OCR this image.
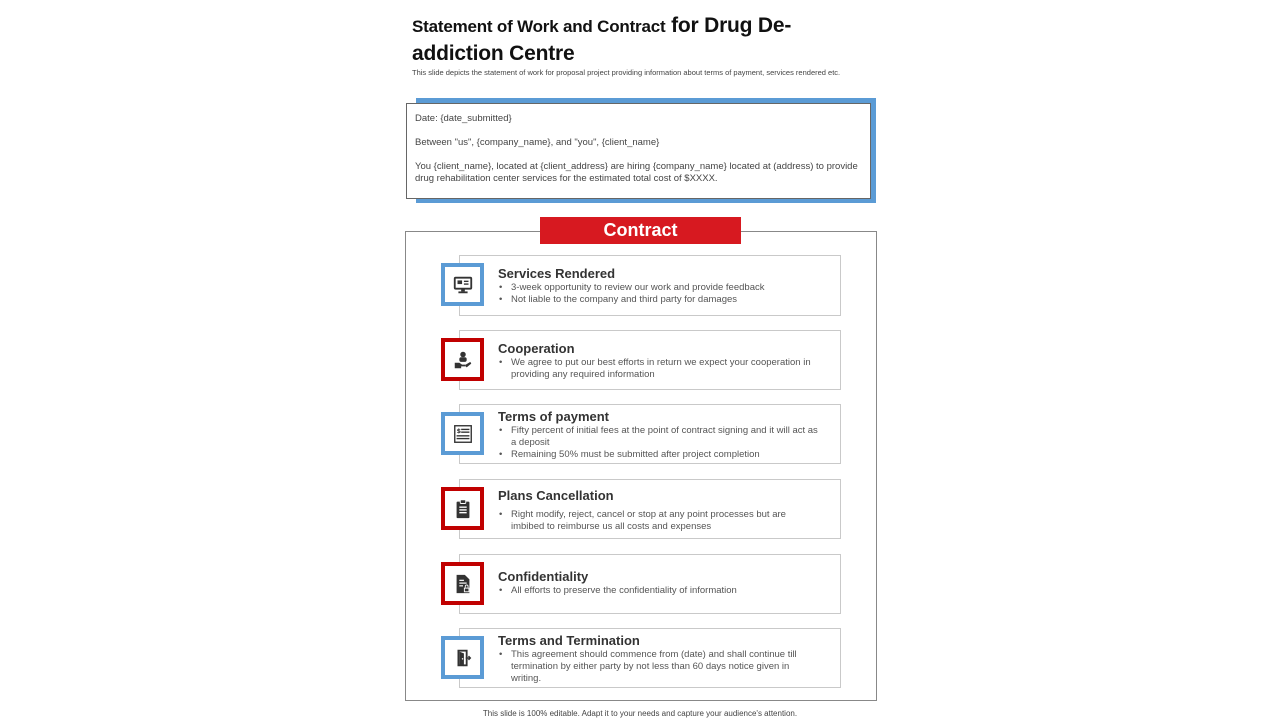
Statement of Work and Contract for Drug De-addiction Centre
This slide depicts the statement of work for proposal project providing information about terms of payment, services rendered etc.

Date: {date_submitted}

Between "us", {company_name}, and "you", {client_name}

You {client_name}, located at {client_address} are hiring {company_name} located at (address) to provide drug rehabilitation center services for the estimated total cost of $XXXX.

Contract
Services Rendered
• 3-week opportunity to review our work and provide feedback
• Not liable to the company and third party for damages
Cooperation
• We agree to put our best efforts in return we expect your cooperation in providing any required information
Terms of payment
• Fifty percent of initial fees at the point of contract signing and it will act as a deposit
• Remaining 50% must be submitted after project completion
$
Plans Cancellation
• Right modify, reject, cancel or stop at any point processes but are imbibed to reimburse us all costs and expenses
Confidentiality
• All efforts to preserve the confidentiality of information
Terms and Termination
• This agreement should commence from (date) and shall continue till termination by either party by not less than 60 days notice given in writing.
This slide is 100% editable. Adapt it to your needs and capture your audience's attention.
